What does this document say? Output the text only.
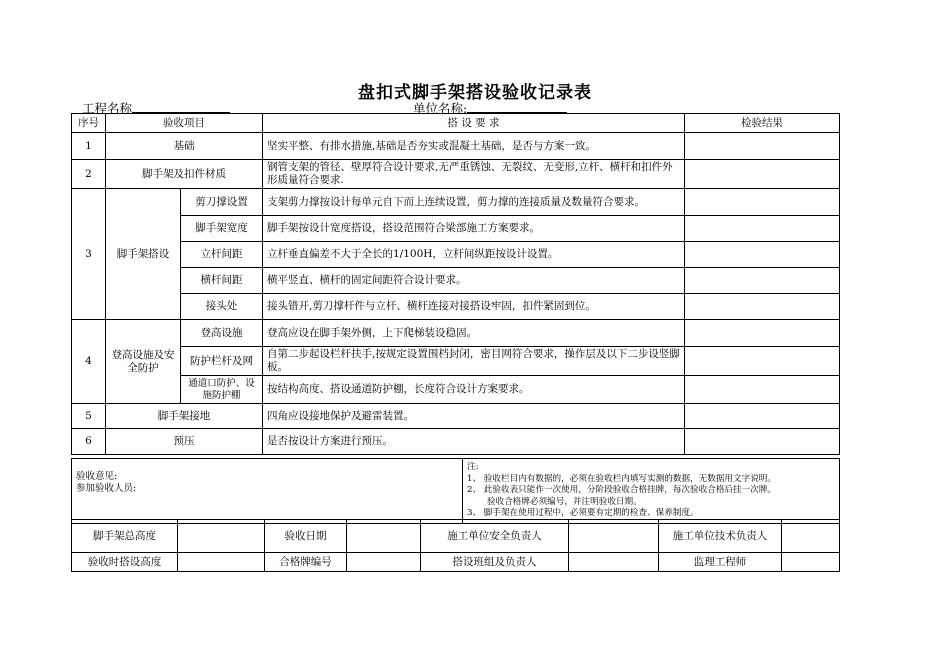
盘扣式脚手架搭设验收记录表
工程名称	单位名称:
序号	验收项目		搭 设 要 求	检验结果
1	基础		坚实平整、有排水措施,基础是否夯实或混凝土基础，是否与方案一致。	
2	脚手架及扣件材质		钢管支架的管径、壁厚符合设计要求,无严重锈蚀、无裂纹、无变形,立杆、横杆和扣件外形质量符合要求.	
3	脚手架搭设	剪刀撑设置	支架剪力撑按设计每单元自下而上连续设置，剪力撑的连接质量及数量符合要求。	
		脚手架宽度	脚手架按设计宽度搭设，搭设范围符合梁部施工方案要求。	
		立杆间距	立杆垂直偏差不大于全长的1/100H，立杆间纵距按设计设置。	
		横杆间距	横平竖直、横杆的固定间距符合设计要求。	
		接头处	接头错开,剪刀撑杆件与立杆、横杆连接对接搭设牢固，扣件紧固到位。	
4	登高设施及安全防护	登高设施	登高应设在脚手架外侧，上下爬梯装设稳固。	
		防护栏杆及网	自第二步起设栏杆扶手,按规定设置围档封闭，密目网符合要求，操作层及以下二步设竖脚板。	
		通道口防护、设施防护棚	按结构高度、搭设通道防护棚，长度符合设计方案要求。	
5	脚手架接地		四角应设接地保护及避雷装置。	
6	预压		是否按设计方案进行预压。	
验收意见:
参加验收人员:

注:
1、 验收栏目内有数据的，必须在验收栏内填写实测的数据，无数据用文字说明。
2、 此验收表只能作一次使用，分阶段验收合格挂牌，每次验收合格后挂一次牌。
验收合格牌必须编号，并注明验收日期。
3、 脚手架在使用过程中，必须要有定期的检查、保养制度。
脚手架总高度		验收日期		施工单位安全负责人		施工单位技术负责人	
验收时搭设高度		合格牌编号		搭设班组及负责人		监理工程师	
